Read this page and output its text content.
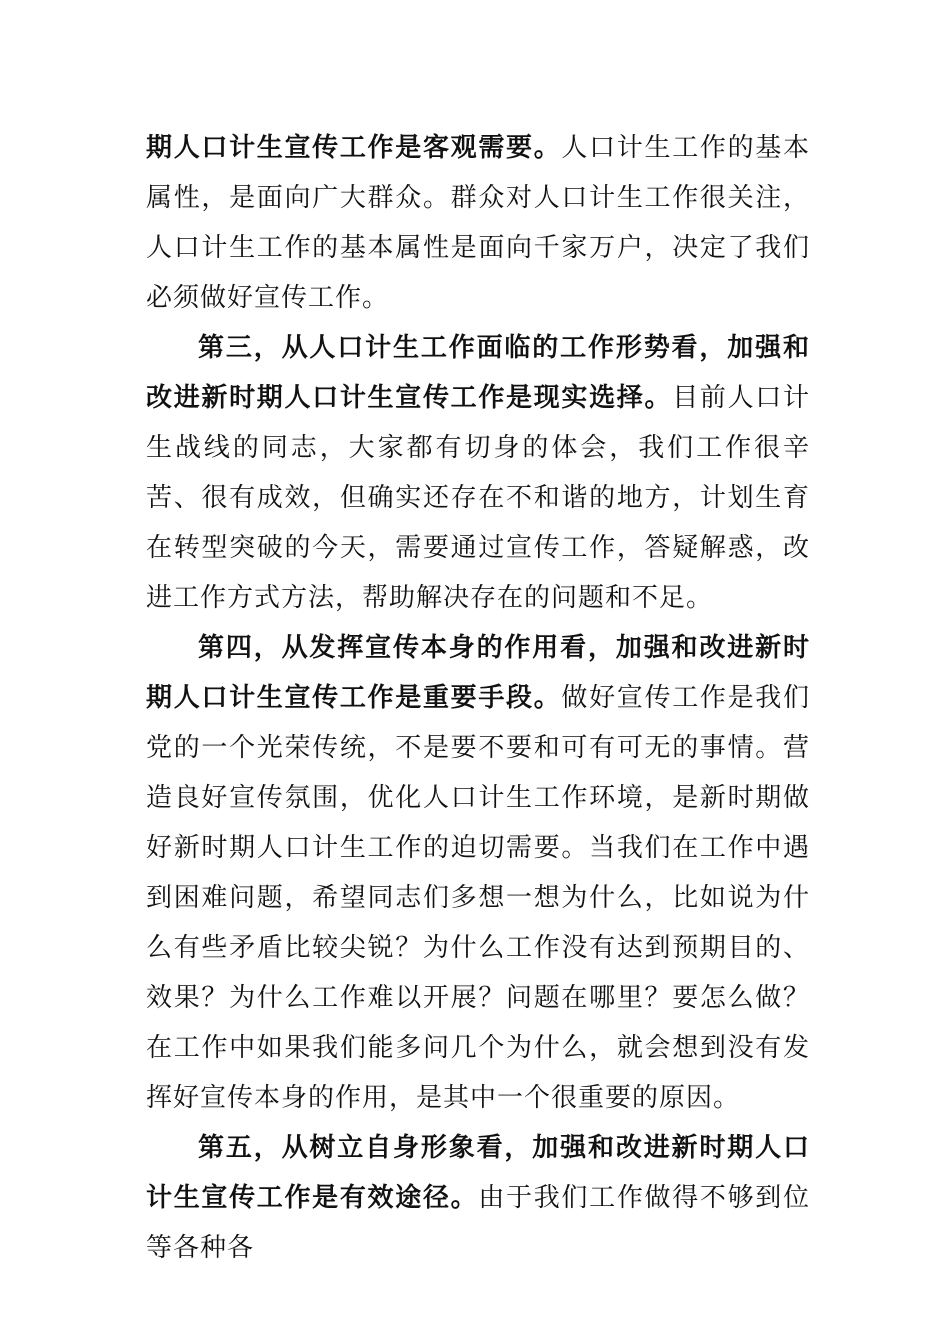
期人口计生宣传工作是客观需要。人口计生工作的基本属性，是面向广大群众。群众对人口计生工作很关注，人口计生工作的基本属性是面向千家万户，决定了我们必须做好宣传工作。

第三，从人口计生工作面临的工作形势看，加强和改进新时期人口计生宣传工作是现实选择。目前人口计生战线的同志，大家都有切身的体会，我们工作很辛苦、很有成效，但确实还存在不和谐的地方，计划生育在转型突破的今天，需要通过宣传工作，答疑解惑，改进工作方式方法，帮助解决存在的问题和不足。

第四，从发挥宣传本身的作用看，加强和改进新时期人口计生宣传工作是重要手段。做好宣传工作是我们党的一个光荣传统，不是要不要和可有可无的事情。营造良好宣传氛围，优化人口计生工作环境，是新时期做好新时期人口计生工作的迫切需要。当我们在工作中遇到困难问题，希望同志们多想一想为什么，比如说为什么有些矛盾比较尖锐？为什么工作没有达到预期目的、效果？为什么工作难以开展？问题在哪里？要怎么做？在工作中如果我们能多问几个为什么，就会想到没有发挥好宣传本身的作用，是其中一个很重要的原因。

第五，从树立自身形象看，加强和改进新时期人口计生宣传工作是有效途径。由于我们工作做得不够到位等各种各
